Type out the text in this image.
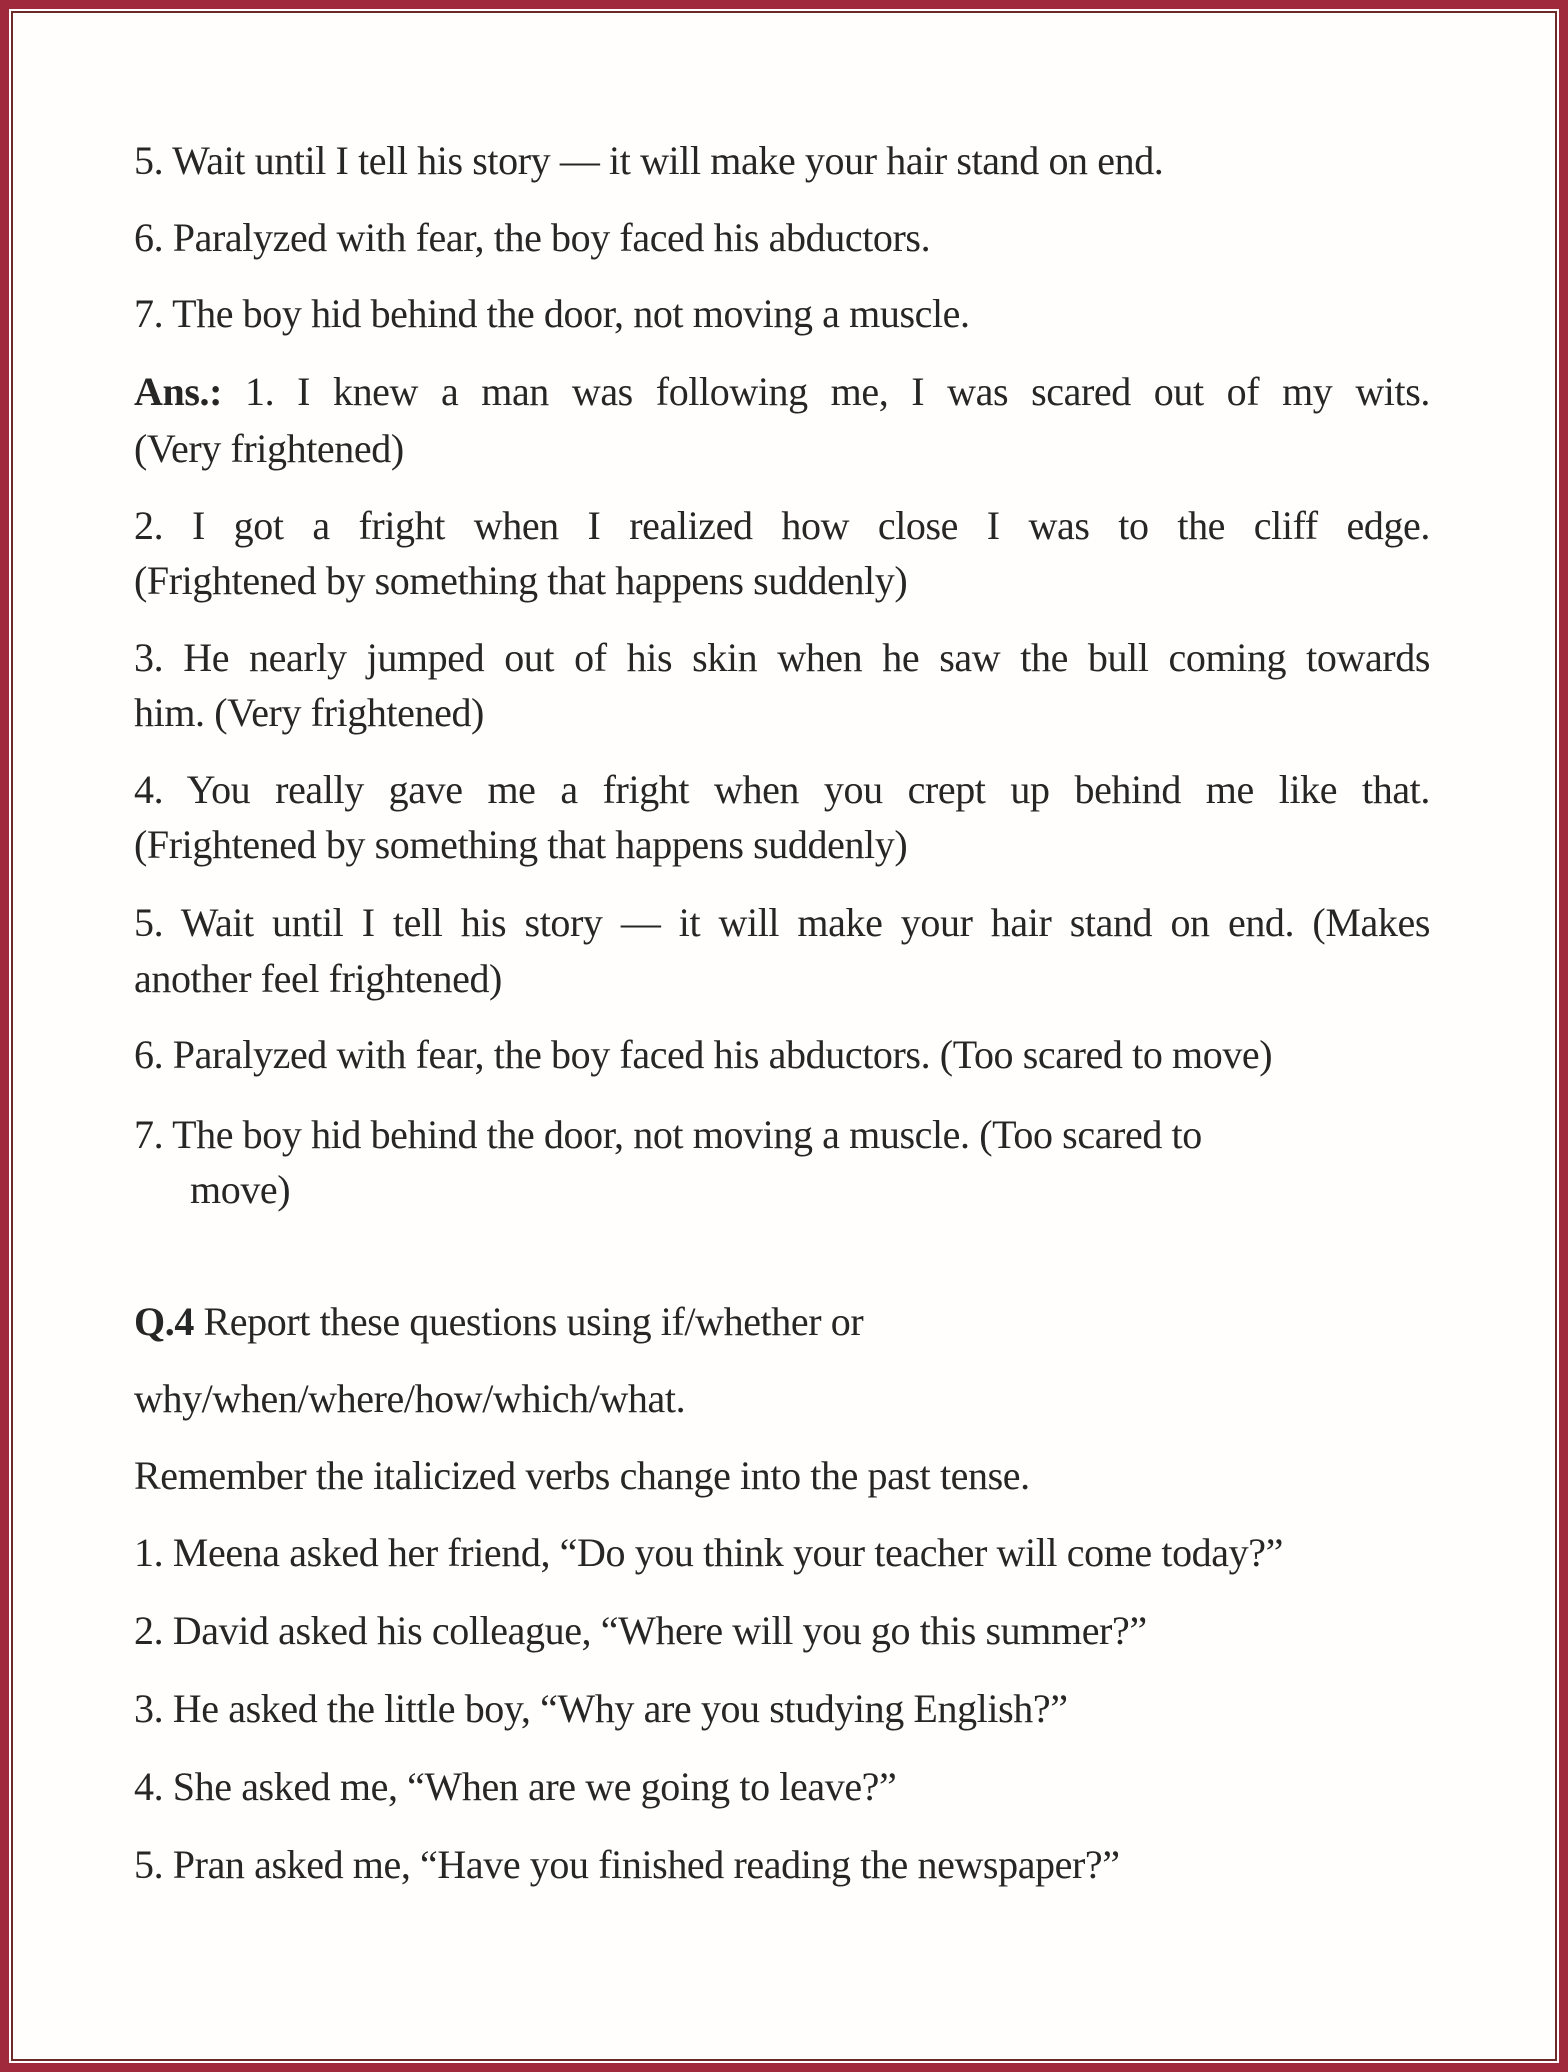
5. Wait until I tell his story — it will make your hair stand on end.
6. Paralyzed with fear, the boy faced his abductors.
7. The boy hid behind the door, not moving a muscle.
Ans.: 1. I knew a man was following me, I was scared out of my wits.
(Very frightened)
2. I got a fright when I realized how close I was to the cliff edge.
(Frightened by something that happens suddenly)
3. He nearly jumped out of his skin when he saw the bull coming towards
him. (Very frightened)
4. You really gave me a fright when you crept up behind me like that.
(Frightened by something that happens suddenly)
5. Wait until I tell his story — it will make your hair stand on end. (Makes
another feel frightened)
6. Paralyzed with fear, the boy faced his abductors. (Too scared to move)
7. The boy hid behind the door, not moving a muscle. (Too scared to
move)
Q.4 Report these questions using if/whether or
why/when/where/how/which/what.
Remember the italicized verbs change into the past tense.
1. Meena asked her friend, “Do you think your teacher will come today?”
2. David asked his colleague, “Where will you go this summer?”
3. He asked the little boy, “Why are you studying English?”
4. She asked me, “When are we going to leave?”
5. Pran asked me, “Have you finished reading the newspaper?”
